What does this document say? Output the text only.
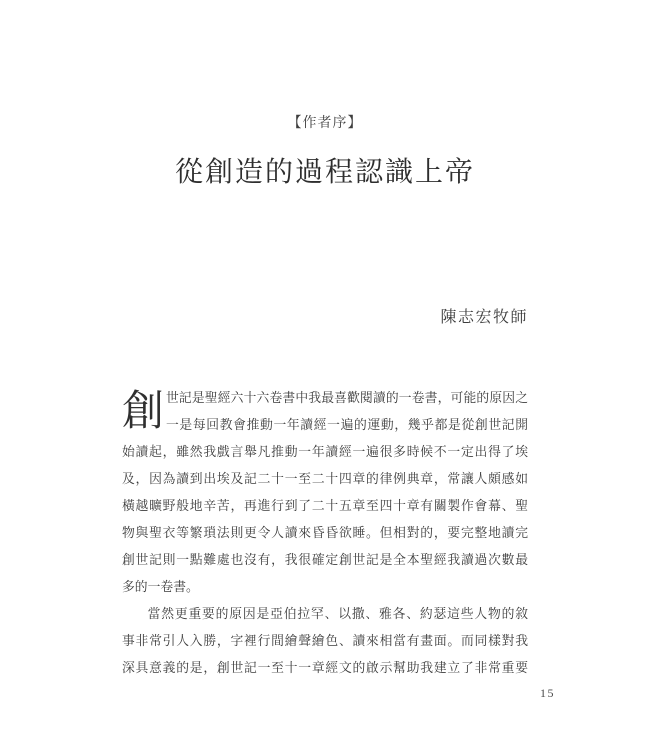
【作者序】
從創造的過程認識上帝
陳志宏牧師
創 世記是聖經六十六卷書中我最喜歡閱讀的一卷書，可能的原因之
一是每回教會推動一年讀經一遍的運動，幾乎都是從創世記開
始讀起，雖然我戲言舉凡推動一年讀經一遍很多時候不一定出得了埃
及，因為讀到出埃及記二十一至二十四章的律例典章，常讓人頗感如
橫越曠野般地辛苦，再進行到了二十五章至四十章有關製作會幕、聖
物與聖衣等繁瑣法則更令人讀來昏昏欲睡。但相對的，要完整地讀完
創世記則一點難處也沒有，我很確定創世記是全本聖經我讀過次數最
多的一卷書。
當然更重要的原因是亞伯拉罕、以撒、雅各、約瑟這些人物的敘
事非常引人入勝，字裡行間繪聲繪色、讀來相當有畫面。而同樣對我
深具意義的是，創世記一至十一章經文的啟示幫助我建立了非常重要
15
